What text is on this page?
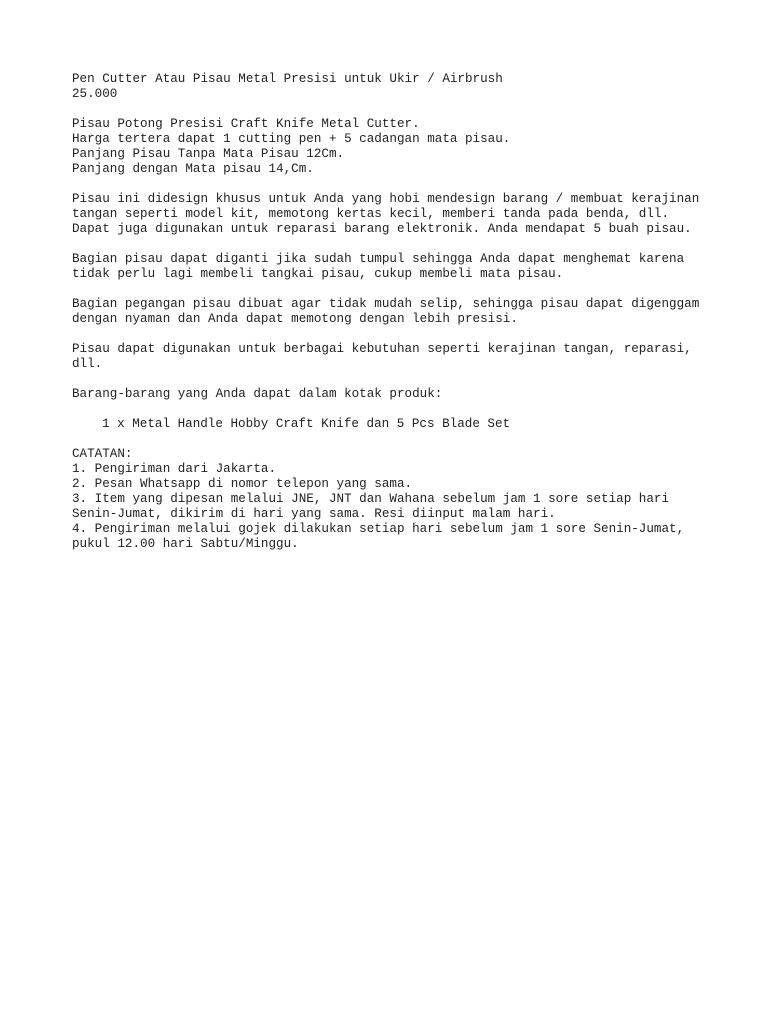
Pen Cutter Atau Pisau Metal Presisi untuk Ukir / Airbrush
25.000
Pisau Potong Presisi Craft Knife Metal Cutter.
Harga tertera dapat 1 cutting pen + 5 cadangan mata pisau.
Panjang Pisau Tanpa Mata Pisau 12Cm.
Panjang dengan Mata pisau 14,Cm.
Pisau ini didesign khusus untuk Anda yang hobi mendesign barang / membuat kerajinan
tangan seperti model kit, memotong kertas kecil, memberi tanda pada benda, dll.
Dapat juga digunakan untuk reparasi barang elektronik. Anda mendapat 5 buah pisau.
Bagian pisau dapat diganti jika sudah tumpul sehingga Anda dapat menghemat karena
tidak perlu lagi membeli tangkai pisau, cukup membeli mata pisau.
Bagian pegangan pisau dibuat agar tidak mudah selip, sehingga pisau dapat digenggam
dengan nyaman dan Anda dapat memotong dengan lebih presisi.
Pisau dapat digunakan untuk berbagai kebutuhan seperti kerajinan tangan, reparasi,
dll.
Barang-barang yang Anda dapat dalam kotak produk:
1 x Metal Handle Hobby Craft Knife dan 5 Pcs Blade Set
CATATAN:
1. Pengiriman dari Jakarta.
2. Pesan Whatsapp di nomor telepon yang sama.
3. Item yang dipesan melalui JNE, JNT dan Wahana sebelum jam 1 sore setiap hari
Senin-Jumat, dikirim di hari yang sama. Resi diinput malam hari.
4. Pengiriman melalui gojek dilakukan setiap hari sebelum jam 1 sore Senin-Jumat,
pukul 12.00 hari Sabtu/Minggu.
